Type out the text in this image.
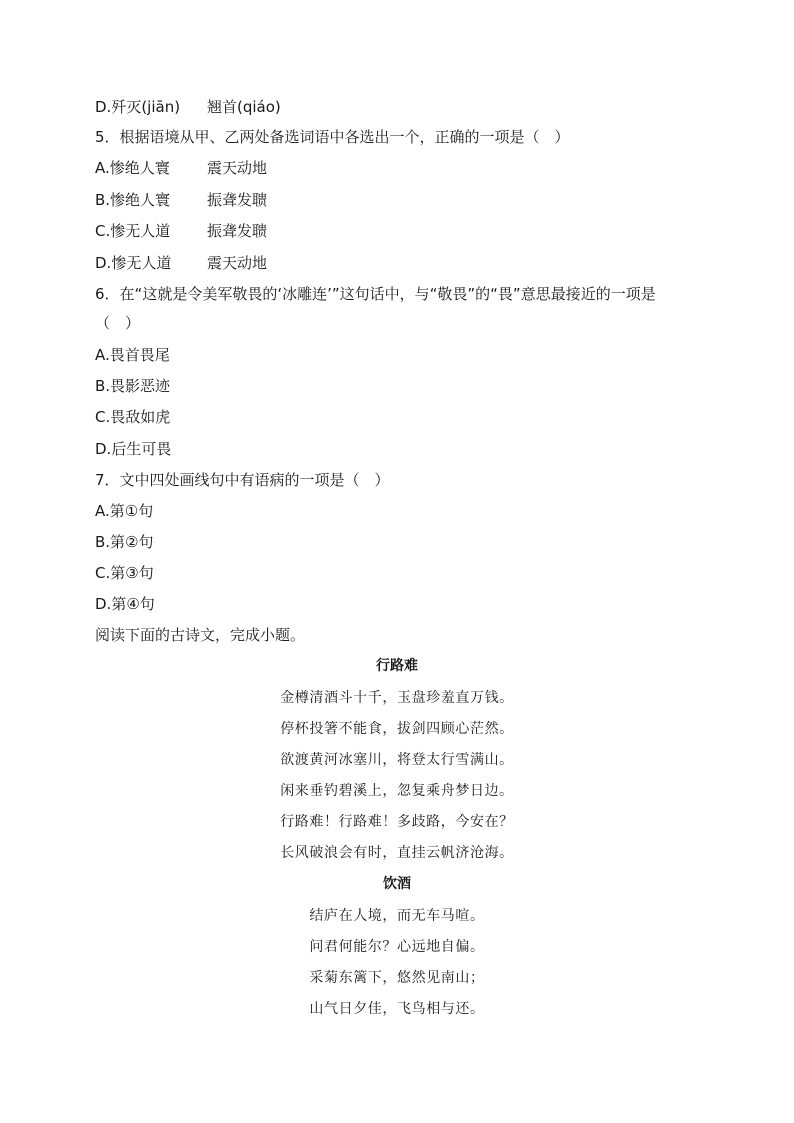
D.歼灭(jiān) 翘首(qiáo)
5．根据语境从甲、乙两处备选词语中各选出一个，正确的一项是（　）
A.惨绝人寰 震天动地
B.惨绝人寰 振聋发聩
C.惨无人道 振聋发聩
D.惨无人道 震天动地
6．在“这就是令美军敬畏的‘冰雕连’”这句话中，与“敬畏”的“畏”意思最接近的一项是
（　）
A.畏首畏尾
B.畏影恶迹
C.畏敌如虎
D.后生可畏
7．文中四处画线句中有语病的一项是（　）
A.第①句
B.第②句
C.第③句
D.第④句
阅读下面的古诗文，完成小题。
行路难
金樽清酒斗十千，玉盘珍羞直万钱。
停杯投箸不能食，拔剑四顾心茫然。
欲渡黄河冰塞川，将登太行雪满山。
闲来垂钓碧溪上，忽复乘舟梦日边。
行路难！行路难！多歧路，今安在？
长风破浪会有时，直挂云帆济沧海。
饮酒
结庐在人境，而无车马喧。
问君何能尔？心远地自偏。
采菊东篱下，悠然见南山；
山气日夕佳，飞鸟相与还。
